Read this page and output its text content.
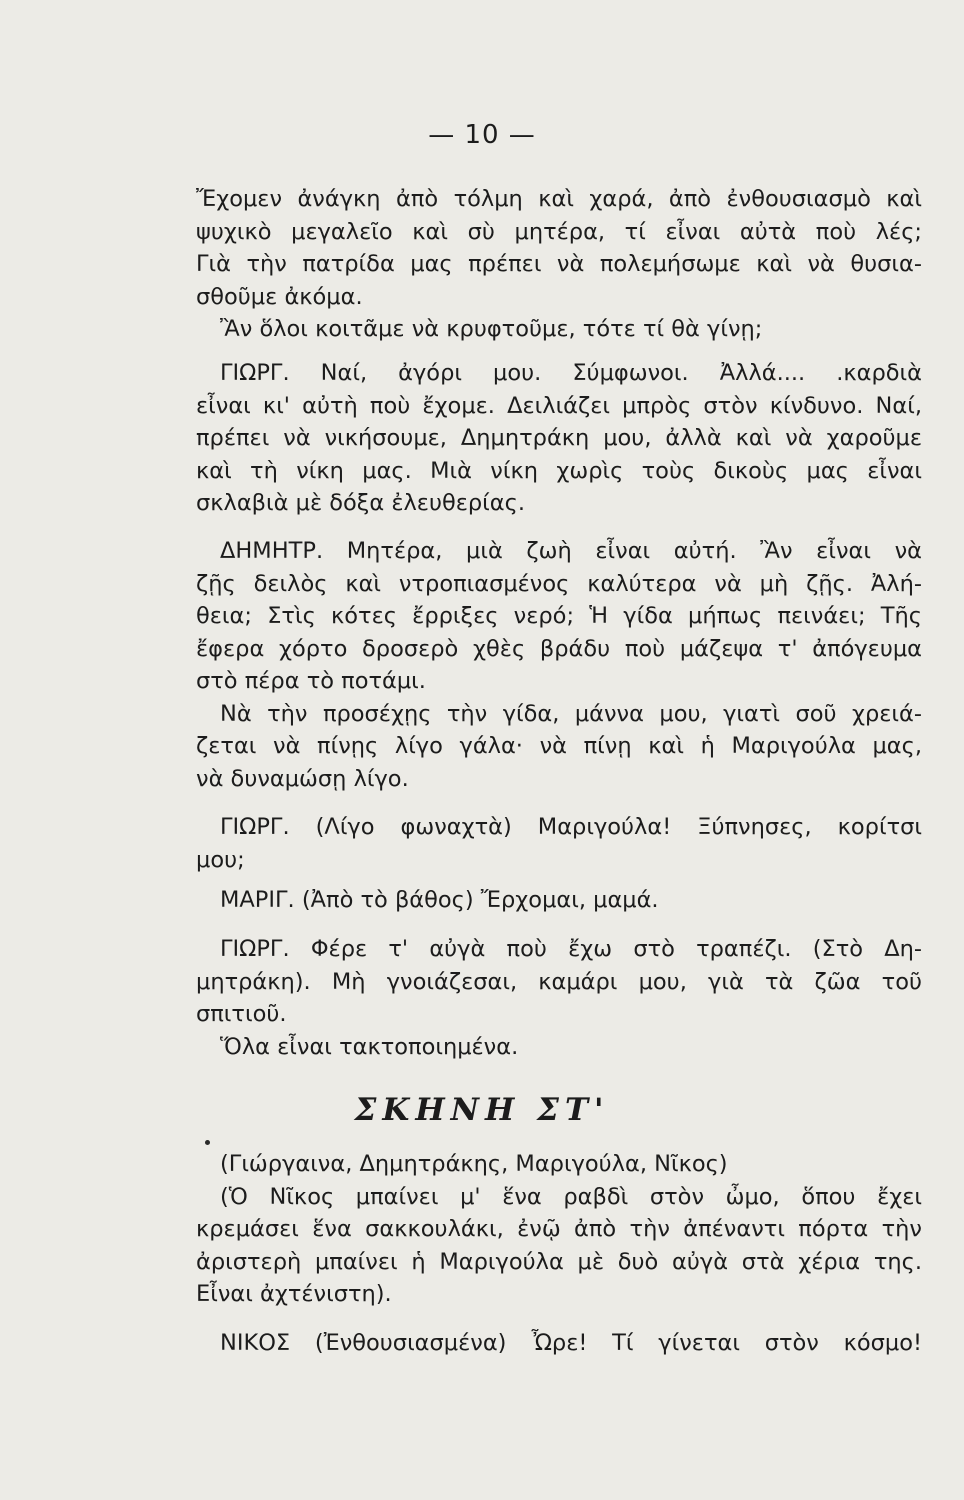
— 10 —
Ἔχομεν ἀνάγκη ἀπὸ τόλμη καὶ χαρά, ἀπὸ ἐνθουσιασμὸ καὶ
ψυχικὸ μεγαλεῖο καὶ σὺ μητέρα, τί εἶναι αὐτὰ ποὺ λές;
Γιὰ τὴν πατρίδα μας πρέπει νὰ πολεμήσωμε καὶ νὰ θυσια-
σθοῦμε ἀκόμα.
Ἂν ὅλοι κοιτᾶμε νὰ κρυφτοῦμε, τότε τί θὰ γίνῃ;
ΓΙΩΡΓ. Ναί, ἀγόρι μου. Σύμφωνοι. Ἀλλά.... .καρδιὰ
εἶναι κι' αὐτὴ ποὺ ἔχομε. Δειλιάζει μπρὸς στὸν κίνδυνο. Ναί,
πρέπει νὰ νικήσουμε, Δημητράκη μου, ἀλλὰ καὶ νὰ χαροῦμε
καὶ τὴ νίκη μας. Μιὰ νίκη χωρὶς τοὺς δικοὺς μας εἶναι
σκλαβιὰ μὲ δόξα ἐλευθερίας.
ΔΗΜΗΤΡ. Μητέρα, μιὰ ζωὴ εἶναι αὐτή. Ἂν εἶναι νὰ
ζῇς δειλὸς καὶ ντροπιασμένος καλύτερα νὰ μὴ ζῇς. Ἀλή-
θεια; Στὶς κότες ἔρριξες νερό; Ἡ γίδα μήπως πεινάει; Τῆς
ἔφερα χόρτο δροσερὸ χθὲς βράδυ ποὺ μάζεψα τ' ἀπόγευμα
στὸ πέρα τὸ ποτάμι.
Νὰ τὴν προσέχῃς τὴν γίδα, μάννα μου, γιατὶ σοῦ χρειά-
ζεται νὰ πίνῃς λίγο γάλα· νὰ πίνῃ καὶ ἡ Μαριγούλα μας,
νὰ δυναμώσῃ λίγο.
ΓΙΩΡΓ. (Λίγο φωναχτὰ) Μαριγούλα! Ξύπνησες, κορίτσι
μου;
ΜΑΡΙΓ. (Ἀπὸ τὸ βάθος) Ἔρχομαι, μαμά.
ΓΙΩΡΓ. Φέρε τ' αὐγὰ ποὺ ἔχω στὸ τραπέζι. (Στὸ Δη-
μητράκη). Μὴ γνοιάζεσαι, καμάρι μου, γιὰ τὰ ζῶα τοῦ
σπιτιοῦ.
Ὅλα εἶναι τακτοποιημένα.
ΣΚΗΝΗ ΣΤ'
(Γιώργαινα, Δημητράκης, Μαριγούλα, Νῖκος)
(Ὁ Νῖκος μπαίνει μ' ἕνα ραβδὶ στὸν ὦμο, ὅπου ἔχει
κρεμάσει ἕνα σακκουλάκι, ἐνῷ ἀπὸ τὴν ἀπέναντι πόρτα τὴν
ἀριστερὴ μπαίνει ἡ Μαριγούλα μὲ δυὸ αὐγὰ στὰ χέρια της.
Εἶναι ἀχτένιστη).
ΝΙΚΟΣ (Ἐνθουσιασμένα) Ὦρε! Τί γίνεται στὸν κόσμο!
